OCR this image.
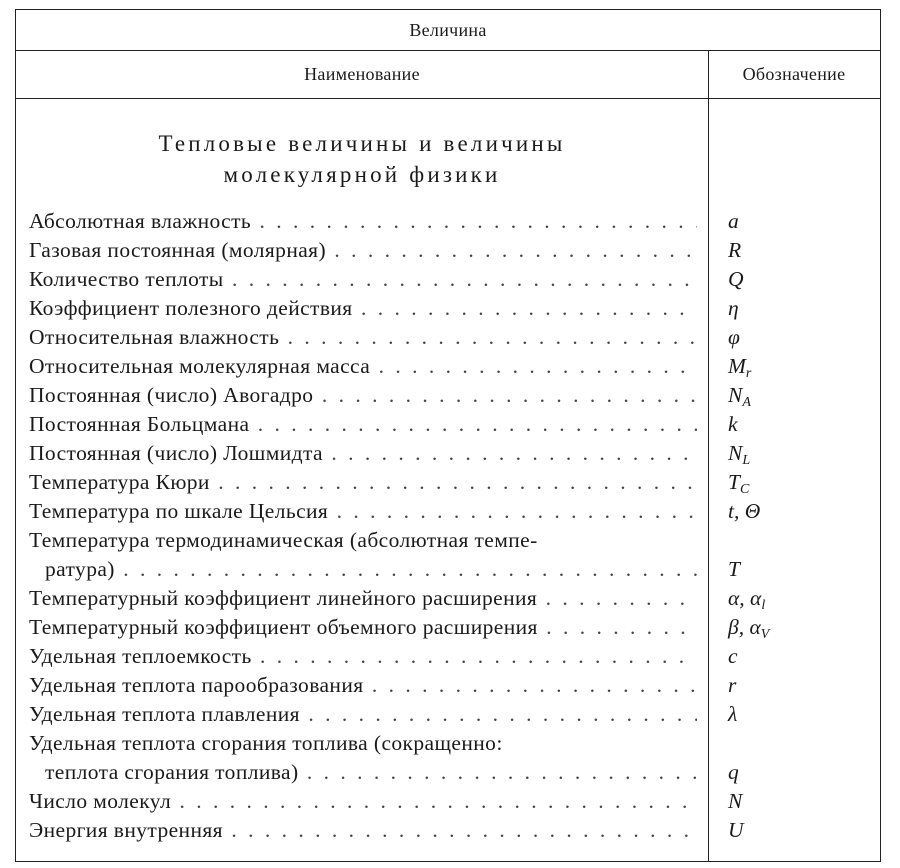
Величина
Наименование	Обозначение
Тепловые величины и величины
молекулярной физики
Абсолютная влажность . . .	a
Газовая постоянная (молярная) . . .	R
Количество теплоты . . .	Q
Коэффициент полезного действия . . .	η
Относительная влажность . . .	φ
Относительная молекулярная масса . . .	$M_r$
Постоянная (число) Авогадро . . .	$N_A$
Постоянная Больцмана . . .	k
Постоянная (число) Лошмидта . . .	$N_L$
Температура Кюри . . .	$T_C$
Температура по шкале Цельсия . . .	t, Θ
Температура термодинамическая (абсолютная темпе-
ратура) . . .	T
Температурный коэффициент линейного расширения . . .	α, $\alpha_l$
Температурный коэффициент объемного расширения . . .	β, $\alpha_V$
Удельная теплоемкость . . .	c
Удельная теплота парообразования . . .	r
Удельная теплота плавления . . .	λ
Удельная теплота сгорания топлива (сокращенно:
теплота сгорания топлива) . . .	q
Число молекул . . .	N
Энергия внутренняя . . .	U
